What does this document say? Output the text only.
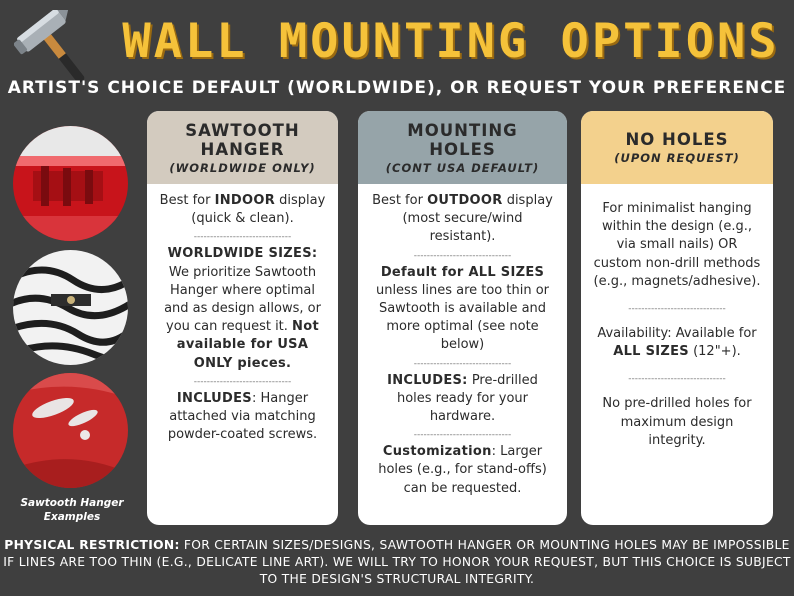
WALL MOUNTING OPTIONS
ARTIST'S CHOICE DEFAULT (WORLDWIDE), OR REQUEST YOUR PREFERENCE
Sawtooth Hanger
Examples
SAWTOOTH
HANGER
(WORLDWIDE ONLY)

Best for INDOOR display (quick & clean).

------------------------------

WORLDWIDE SIZES: We prioritize Sawtooth Hanger where optimal and as design allows, or you can request it. Not available for USA ONLY pieces.

------------------------------

INCLUDES: Hanger attached via matching powder-coated screws.

MOUNTING
HOLES
(CONT USA DEFAULT)

Best for OUTDOOR display (most secure/wind resistant).

------------------------------

Default for ALL SIZES unless lines are too thin or Sawtooth is available and more optimal (see note below)

------------------------------

INCLUDES: Pre-drilled holes ready for your hardware.

------------------------------

Customization: Larger holes (e.g., for stand-offs) can be requested.

NO HOLES
(UPON REQUEST)

For minimalist hanging within the design (e.g., via small nails) OR custom non-drill methods (e.g., magnets/adhesive).

------------------------------

Availability: Available for ALL SIZES (12"+).

------------------------------

No pre-drilled holes for maximum design integrity.

PHYSICAL RESTRICTION: FOR CERTAIN SIZES/DESIGNS, SAWTOOTH HANGER OR MOUNTING HOLES MAY BE IMPOSSIBLE IF LINES ARE TOO THIN (E.G., DELICATE LINE ART). WE WILL TRY TO HONOR YOUR REQUEST, BUT THIS CHOICE IS SUBJECT TO THE DESIGN'S STRUCTURAL INTEGRITY.
